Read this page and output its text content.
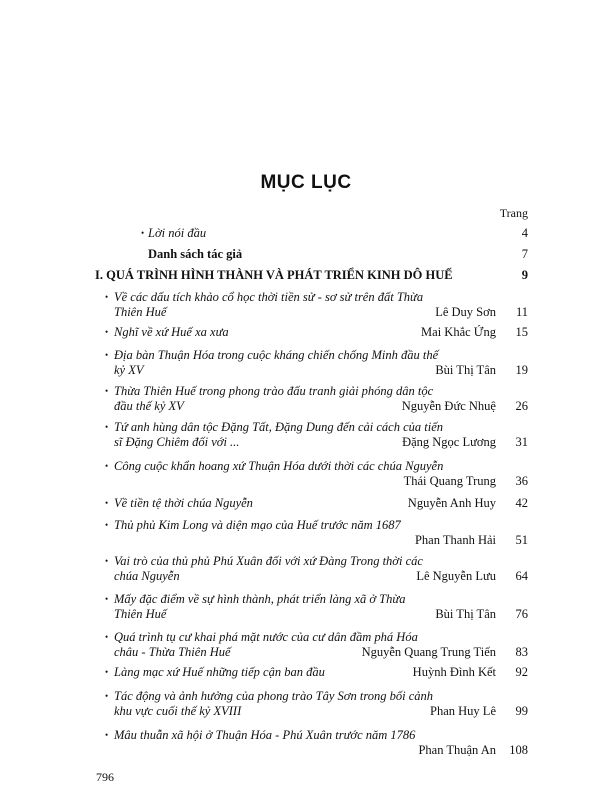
MỤC LỤC
Trang
• Lời nói đầu	4
Danh sách tác giả	7
I. QUÁ TRÌNH HÌNH THÀNH VÀ PHÁT TRIỂN KINH DÔ HUẾ	9
• Về các dấu tích khảo cổ học thời tiền sử - sơ sử trên đất Thừa
Thiên Huế	Lê Duy Sơn 11
• Nghĩ về xứ Huế xa xưa	Mai Khắc Ứng 15
• Địa bàn Thuận Hóa trong cuộc kháng chiến chống Minh đầu thế
kỷ XV	Bùi Thị Tân 19
• Thừa Thiên Huế trong phong trào đấu tranh giải phóng dân tộc
đầu thế kỷ XV	Nguyễn Đức Nhuệ 26
• Tứ anh hùng dân tộc Đặng Tất, Đặng Dung đến cải cách của tiến
sĩ Đặng Chiêm đối với ...	Đặng Ngọc Lương 31
• Công cuộc khẩn hoang xứ Thuận Hóa dưới thời các chúa Nguyễn
Thái Quang Trung 36
• Về tiền tệ thời chúa Nguyễn	Nguyễn Anh Huy 42
• Thủ phủ Kim Long và diện mạo của Huế trước năm 1687
Phan Thanh Hải 51
• Vai trò của thủ phủ Phú Xuân đối với xứ Đàng Trong thời các
chúa Nguyễn	Lê Nguyễn Lưu 64
• Mấy đặc điểm về sự hình thành, phát triển làng xã ở Thừa
Thiên Huế	Bùi Thị Tân 76
• Quá trình tụ cư khai phá mặt nước của cư dân đầm phá Hóa
châu - Thừa Thiên Huế	Nguyễn Quang Trung Tiến 83
• Làng mạc xứ Huế những tiếp cận ban đầu	Huỳnh Đình Kết 92
• Tác động và ảnh hưởng của phong trào Tây Sơn trong bối cảnh
khu vực cuối thế kỷ XVIII	Phan Huy Lê 99
• Mâu thuẫn xã hội ở Thuận Hóa - Phú Xuân trước năm 1786
Phan Thuận An 108
796
